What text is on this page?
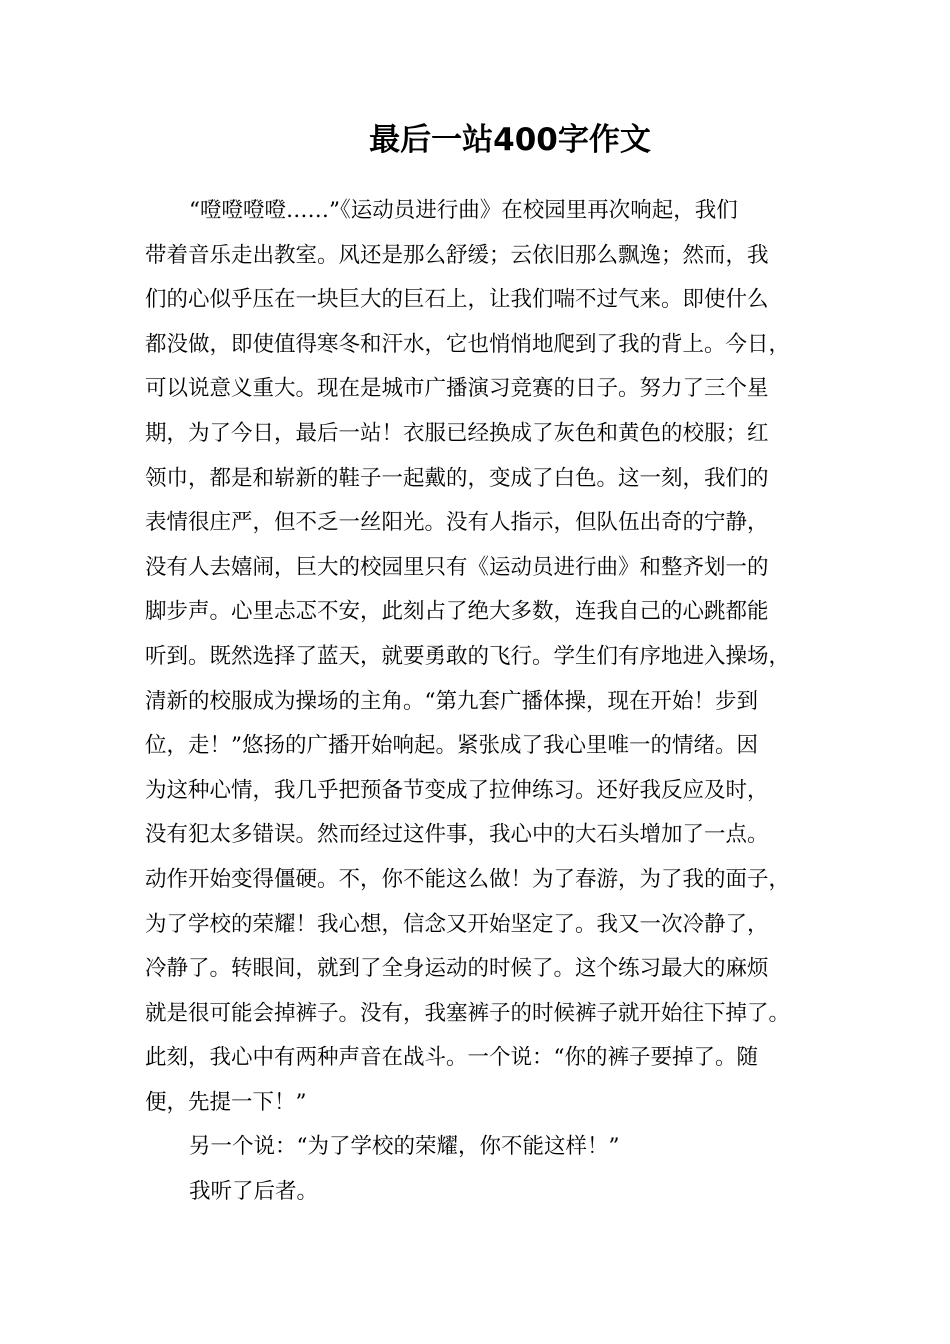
最后一站400字作文
“噔噔噔噔……”《运动员进行曲》在校园里再次响起，我们
带着音乐走出教室。风还是那么舒缓；云依旧那么飘逸；然而，我
们的心似乎压在一块巨大的巨石上，让我们喘不过气来。即使什么
都没做，即使值得寒冬和汗水，它也悄悄地爬到了我的背上。今日，
可以说意义重大。现在是城市广播演习竞赛的日子。努力了三个星
期，为了今日，最后一站！衣服已经换成了灰色和黄色的校服；红
领巾，都是和崭新的鞋子一起戴的，变成了白色。这一刻，我们的
表情很庄严，但不乏一丝阳光。没有人指示，但队伍出奇的宁静，
没有人去嬉闹，巨大的校园里只有《运动员进行曲》和整齐划一的
脚步声。心里忐忑不安，此刻占了绝大多数，连我自己的心跳都能
听到。既然选择了蓝天，就要勇敢的飞行。学生们有序地进入操场，
清新的校服成为操场的主角。“第九套广播体操，现在开始！步到
位，走！”悠扬的广播开始响起。紧张成了我心里唯一的情绪。因
为这种心情，我几乎把预备节变成了拉伸练习。还好我反应及时，
没有犯太多错误。然而经过这件事，我心中的大石头增加了一点。
动作开始变得僵硬。不，你不能这么做！为了春游，为了我的面子，
为了学校的荣耀！我心想，信念又开始坚定了。我又一次冷静了，
冷静了。转眼间，就到了全身运动的时候了。这个练习最大的麻烦
就是很可能会掉裤子。没有，我塞裤子的时候裤子就开始往下掉了。
此刻，我心中有两种声音在战斗。一个说：“你的裤子要掉了。随
便，先提一下！”
另一个说：“为了学校的荣耀，你不能这样！”
我听了后者。
